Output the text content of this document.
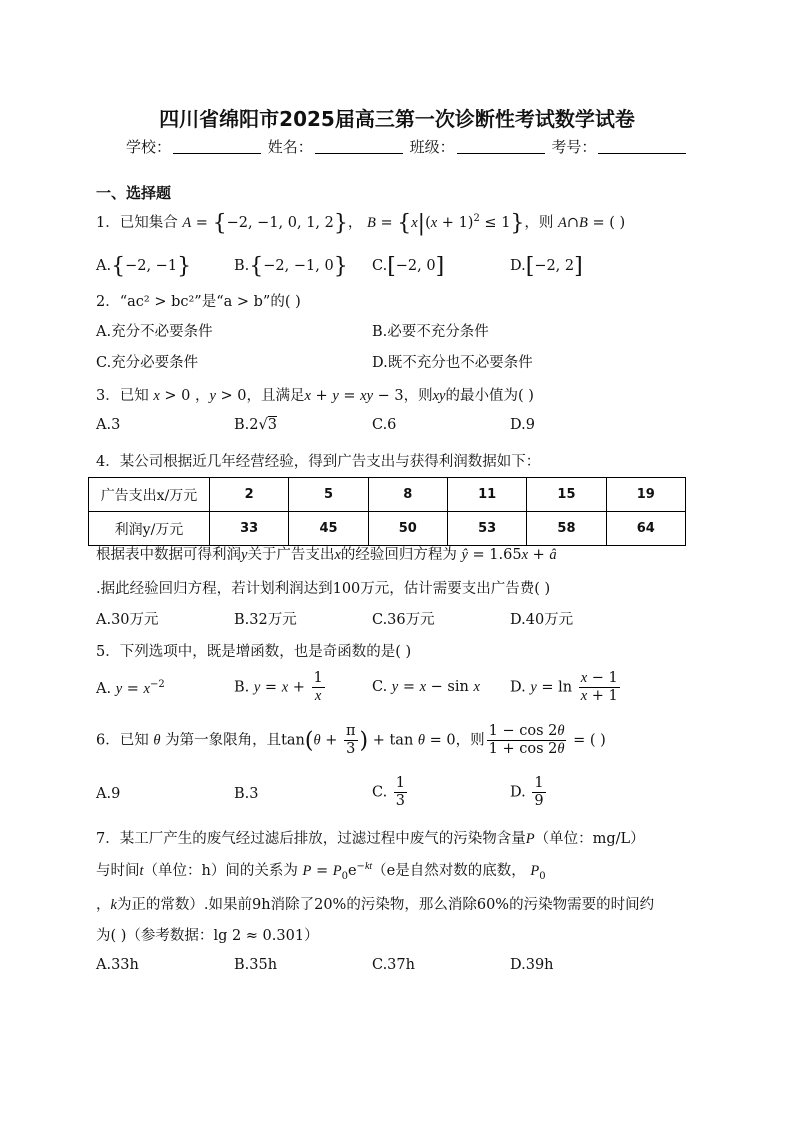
四川省绵阳市2025届高三第一次诊断性考试数学试卷
学校：	姓名：	班级：	考号：
一、选择题
1．已知集合 A = {−2, −1, 0, 1, 2}， $B = \{x|(x + 1)^2 \le 1\}$，则 A∩B = ( )
A.{−2, −1}	B.{−2, −1, 0} C.[−2, 0]	D.[−2, 2]
2．“ac² > bc²”是“a > b”的( )
A.充分不必要条件	B.必要不充分条件
C.充分必要条件	D.既不充分也不必要条件
3．已知 x > 0 ，y > 0，且满足x + y = xy − 3，则xy的最小值为( )
A.3	B.2√3	C.6	D.9
4．某公司根据近几年经营经验，得到广告支出与获得利润数据如下：
广告支出x/万元	2	5	8	11	15	19
利润y/万元	33	45	50	53	58	64
根据表中数据可得利润y关于广告支出x的经验回归方程为 ŷ = 1.65x + â
.据此经验回归方程，若计划利润达到100万元，估计需要支出广告费( )
A.30万元	B.32万元	C.36万元	D.40万元
5．下列选项中，既是增函数，也是奇函数的是( )
A. $y = x^{-2}$	B. $y = x + \frac{1}{x}$	C. y = x − sin x D. $y = \ln \frac{x - 1}{x + 1}$
6．已知 θ 为第一象限角，且$\tan(\theta + \frac{\pi}{3}$ ) + tan θ = 0，则 $\frac{1 - \cos 2\theta}{1 + \cos 2\theta}$ = ( )
A.9	B.3	C. $\frac{1}{3}$	D. $\frac{1}{9}$
7．某工厂产生的废气经过滤后排放，过滤过程中废气的污染物含量P（单位：mg/L）
与时间t（单位：h）间的关系为 $P = P_0e^{-kt}(e$是自然对数的底数， $P_0$
，k为正的常数）.如果前9h消除了20%的污染物，那么消除60%的污染物需要的时间约
为( )（参考数据：lg 2 ≈ 0.301）
A.33h	B.35h	C.37h	D.39h
